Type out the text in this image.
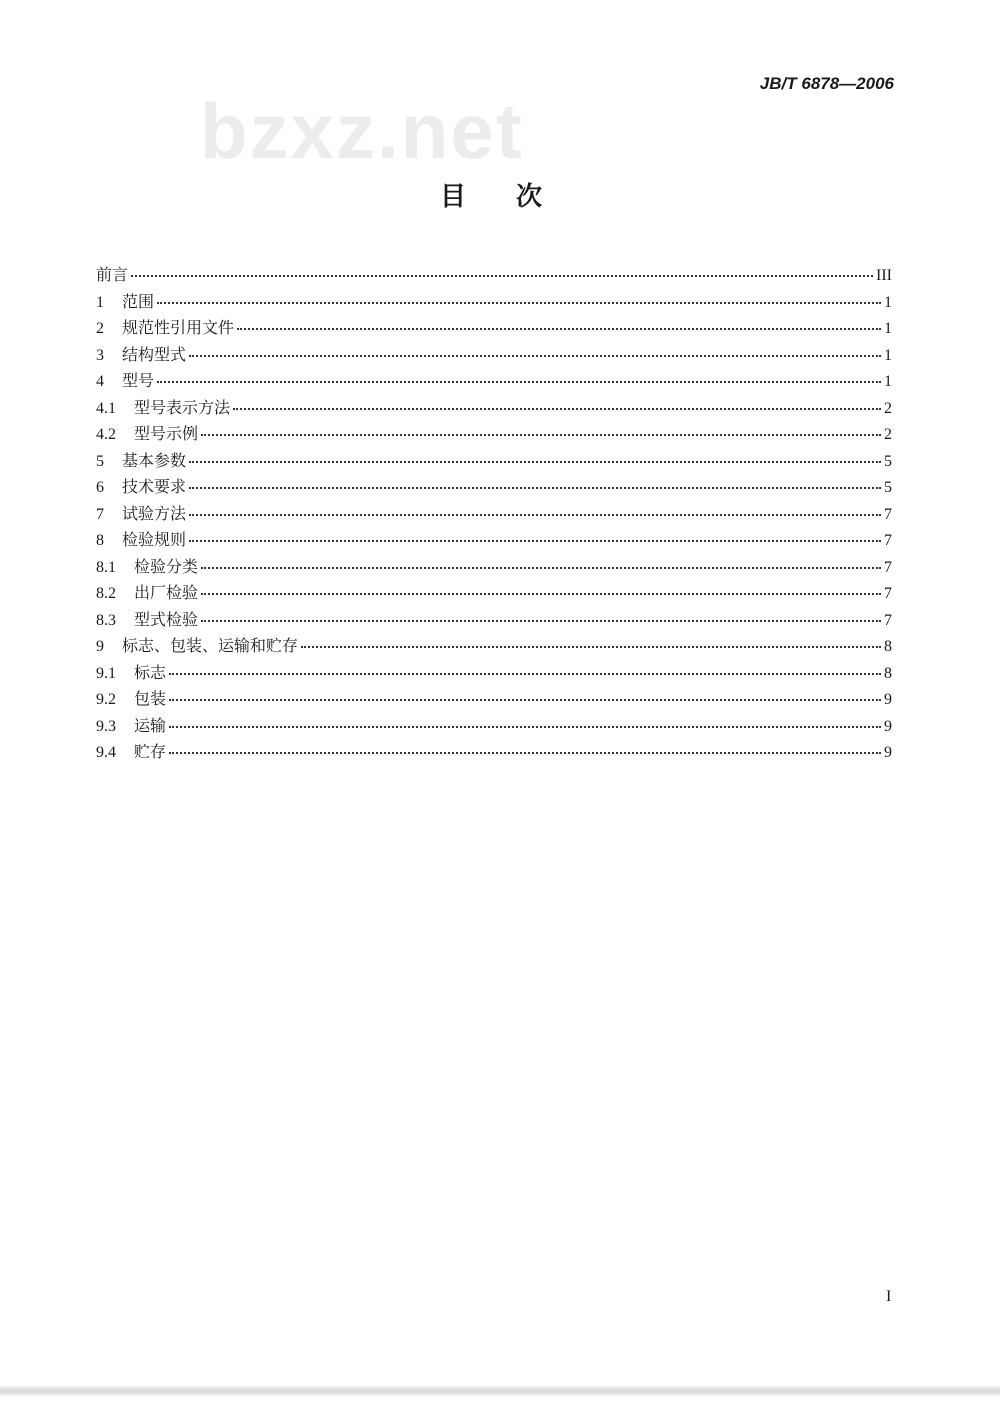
JB/T 6878—2006
bzxz.net
目次
前言	III
1	范围	1
2	规范性引用文件	1
3	结构型式	1
4	型号	1
4.1	型号表示方法	2
4.2	型号示例	2
5	基本参数	5
6	技术要求	5
7	试验方法	7
8	检验规则	7
8.1	检验分类	7
8.2	出厂检验	7
8.3	型式检验	7
9	标志、包装、运输和贮存	8
9.1	标志	8
9.2	包装	9
9.3	运输	9
9.4	贮存	9
I
